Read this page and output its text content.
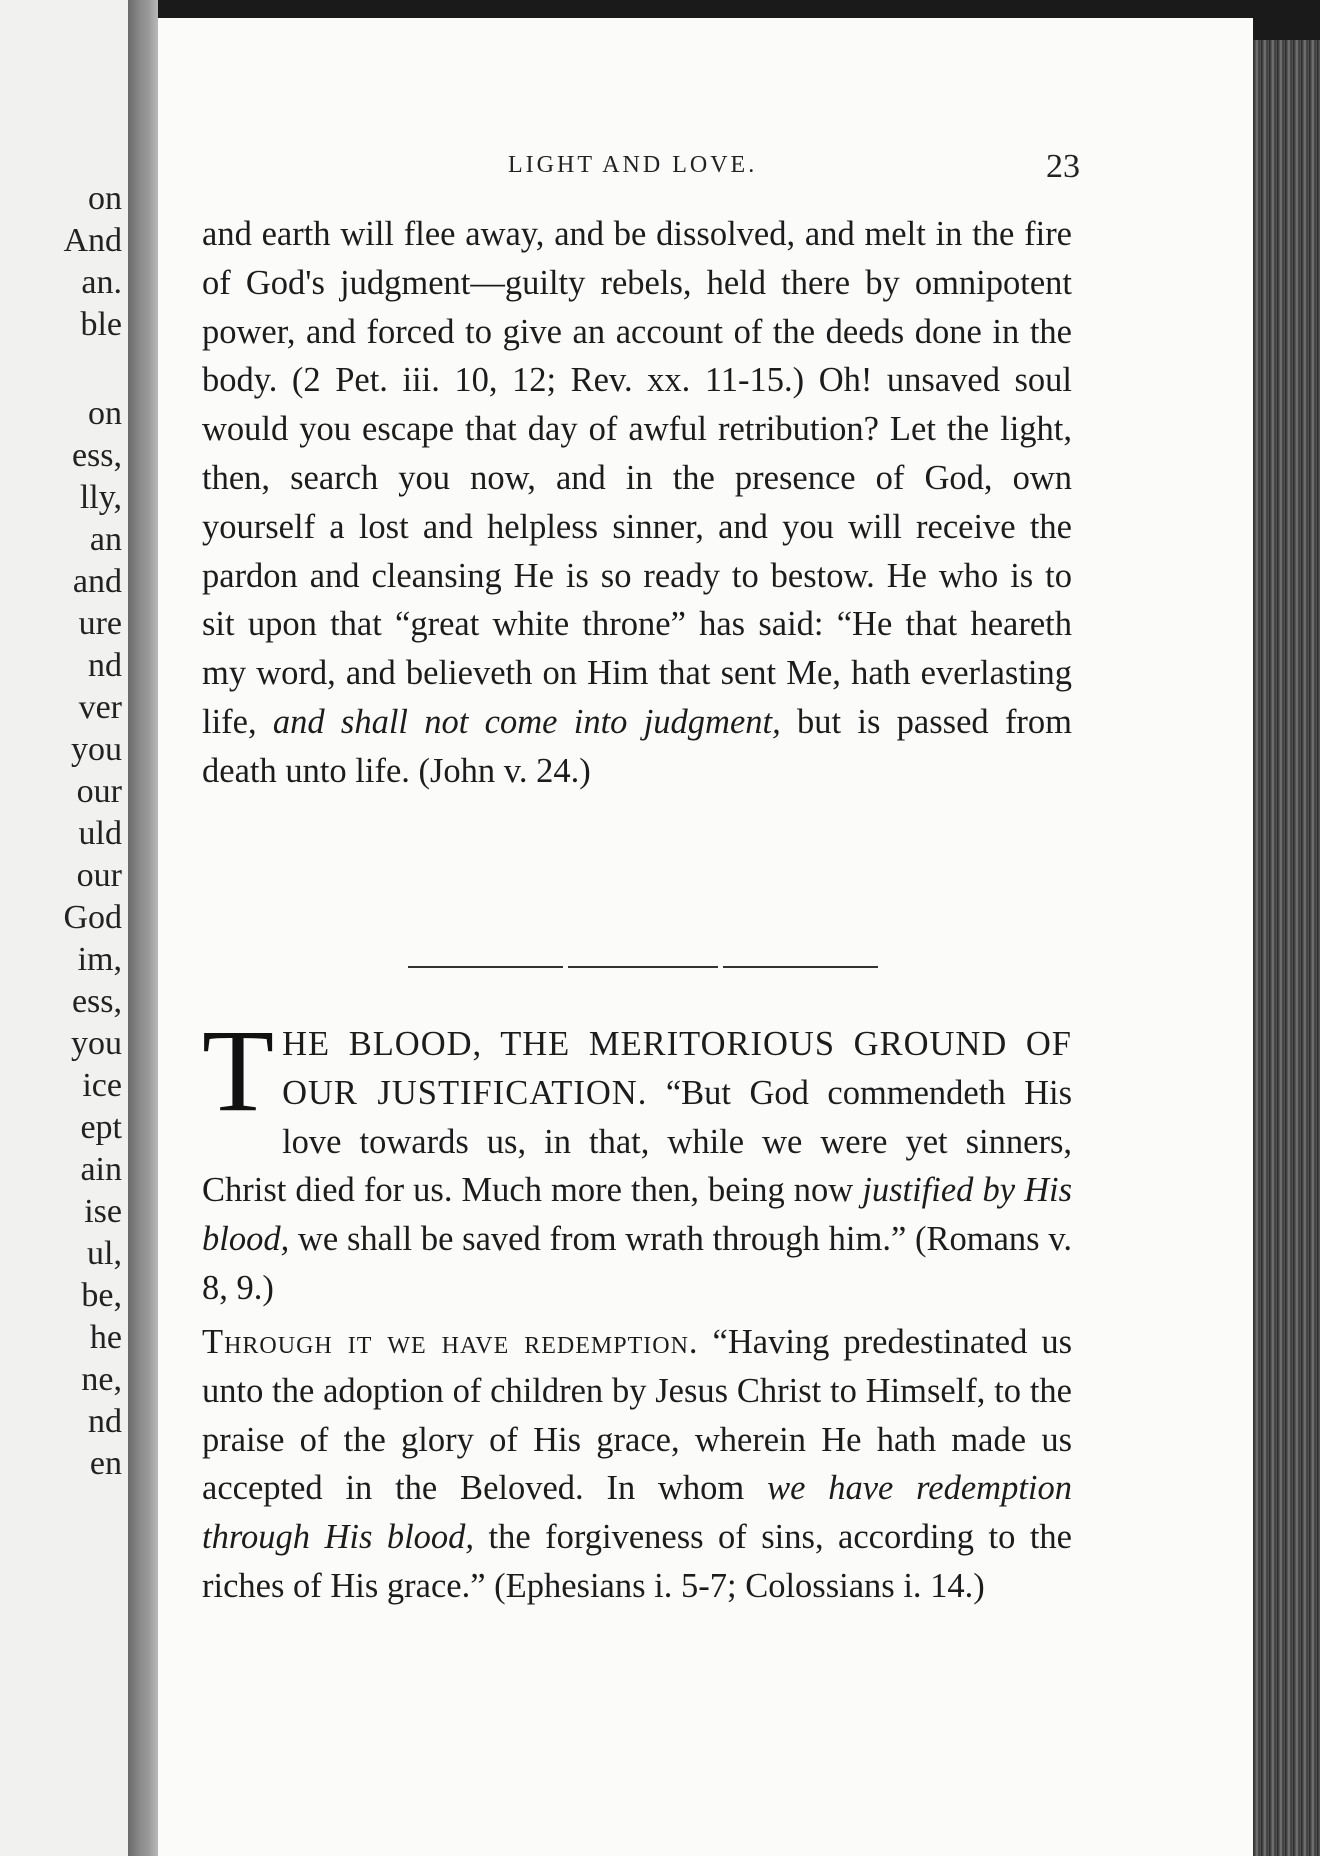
on
And
an.
ble
on
ess,
lly,
an
and
ure
nd
ver
you
our
uld
our
God
im,
ess,
you
ice
ept
ain
ise
ul,
be,
he
ne,
nd
en
LIGHT AND LOVE.	23
and earth will flee away, and be dissolved, and melt in the fire of God's judgment—guilty rebels, held there by omnipotent power, and forced to give an account of the deeds done in the body. (2 Pet. iii. 10, 12; Rev. xx. 11-15.) Oh! unsaved soul would you escape that day of awful retribution? Let the light, then, search you now, and in the presence of God, own yourself a lost and helpless sinner, and you will receive the pardon and cleansing He is so ready to bestow. He who is to sit upon that “great white throne” has said: “He that heareth my word, and believeth on Him that sent Me, hath everlasting life, and shall not come into judgment, but is passed from death unto life. (John v. 24.)
THE BLOOD, THE MERITORIOUS GROUND OF OUR JUSTIFICATION. “But God commendeth His love towards us, in that, while we were yet sinners, Christ died for us. Much more then, being now justified by His blood, we shall be saved from wrath through him.” (Romans v. 8, 9.)
Through it we have redemption. “Having predestinated us unto the adoption of children by Jesus Christ to Himself, to the praise of the glory of His grace, wherein He hath made us accepted in the Beloved. In whom we have redemption through His blood, the forgiveness of sins, according to the riches of His grace.” (Ephesians i. 5-7; Colossians i. 14.)
